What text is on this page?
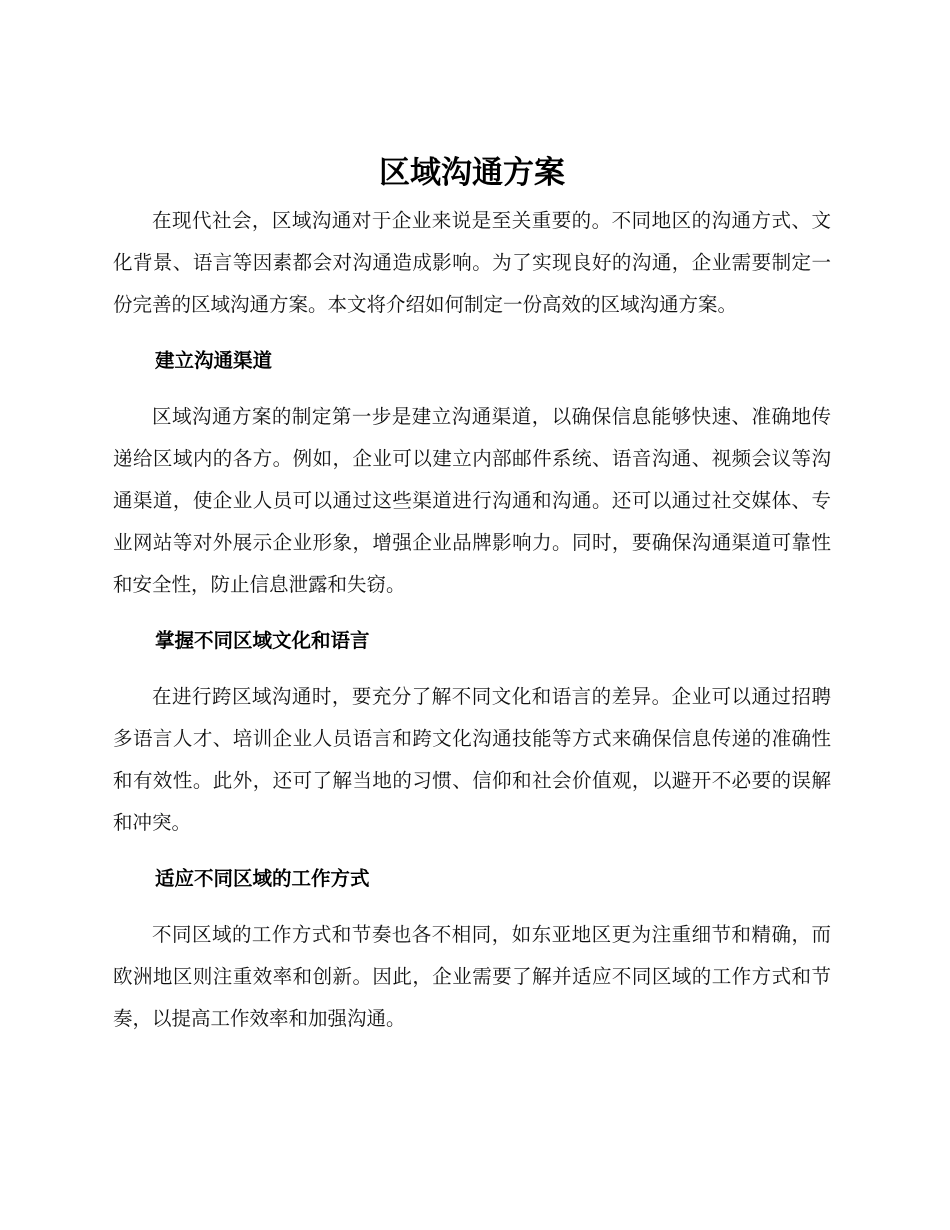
区域沟通方案

在现代社会，区域沟通对于企业来说是至关重要的。不同地区的沟通方式、文化背景、语言等因素都会对沟通造成影响。为了实现良好的沟通，企业需要制定一份完善的区域沟通方案。本文将介绍如何制定一份高效的区域沟通方案。

建立沟通渠道

区域沟通方案的制定第一步是建立沟通渠道，以确保信息能够快速、准确地传递给区域内的各方。例如，企业可以建立内部邮件系统、语音沟通、视频会议等沟通渠道，使企业人员可以通过这些渠道进行沟通和沟通。还可以通过社交媒体、专业网站等对外展示企业形象，增强企业品牌影响力。同时，要确保沟通渠道可靠性和安全性，防止信息泄露和失窃。

掌握不同区域文化和语言

在进行跨区域沟通时，要充分了解不同文化和语言的差异。企业可以通过招聘多语言人才、培训企业人员语言和跨文化沟通技能等方式来确保信息传递的准确性和有效性。此外，还可了解当地的习惯、信仰和社会价值观，以避开不必要的误解和冲突。

适应不同区域的工作方式

不同区域的工作方式和节奏也各不相同，如东亚地区更为注重细节和精确，而欧洲地区则注重效率和创新。因此，企业需要了解并适应不同区域的工作方式和节奏，以提高工作效率和加强沟通。
